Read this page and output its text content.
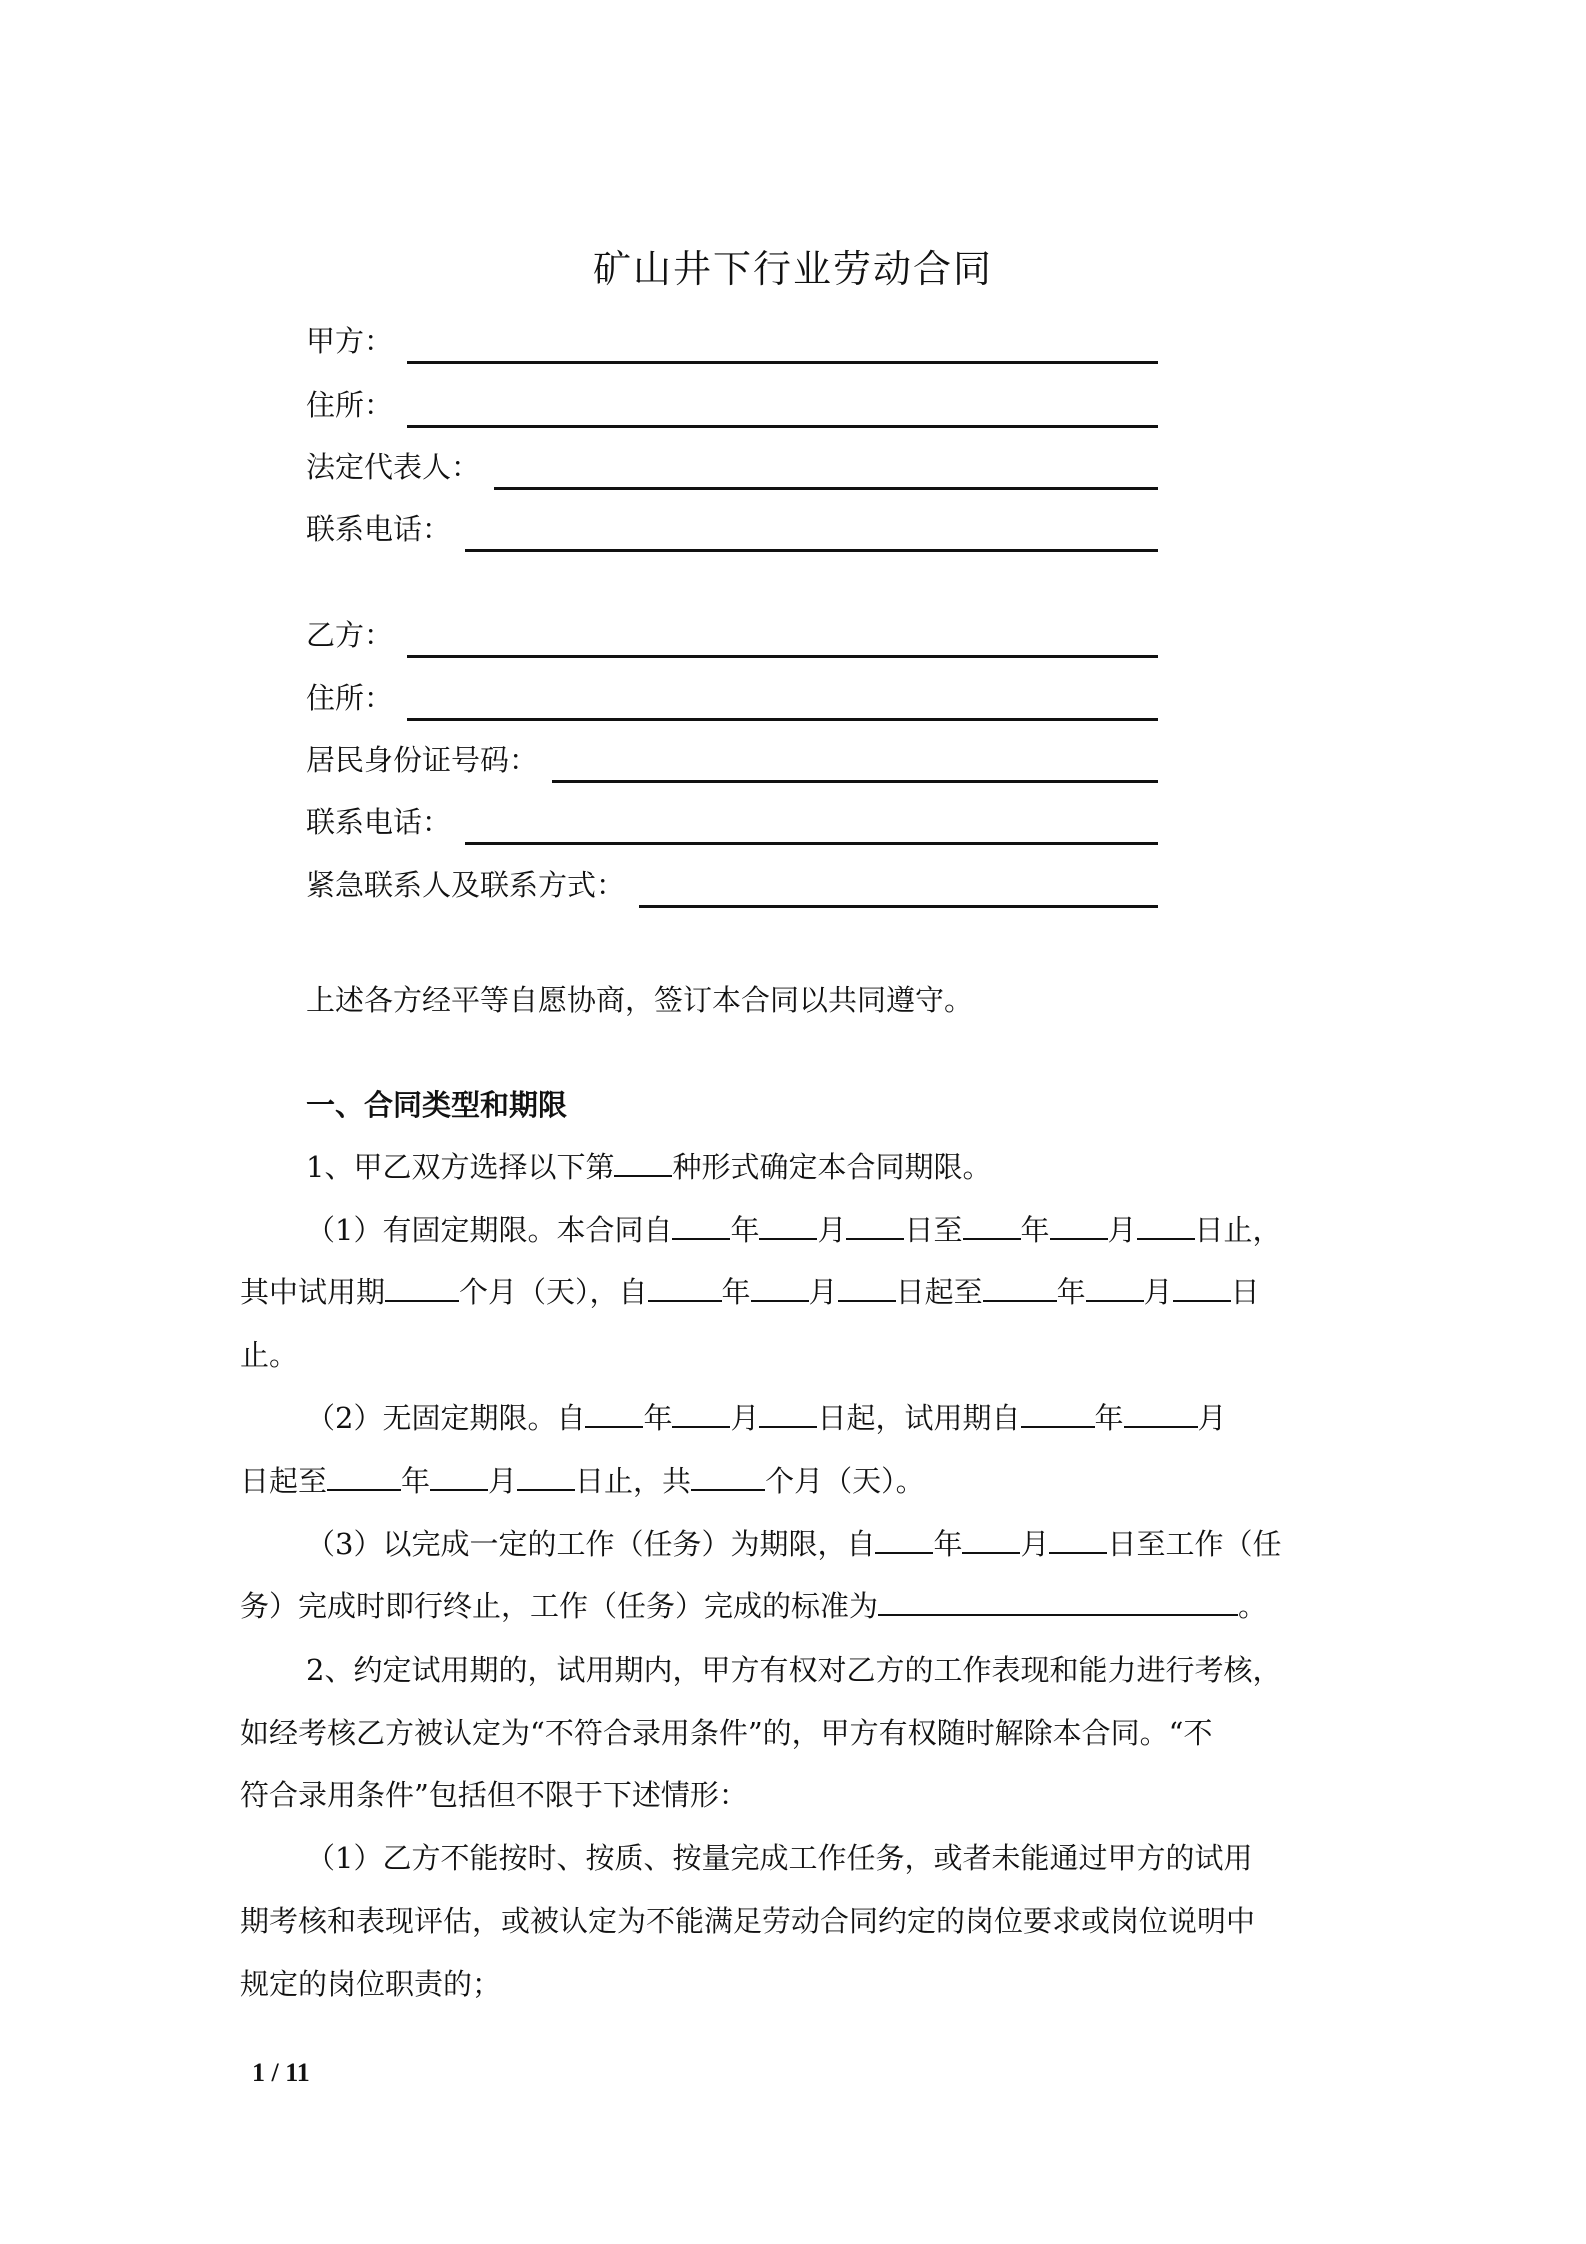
矿山井下行业劳动合同
甲方：
住所：
法定代表人：
联系电话：
乙方：
住所：
居民身份证号码：
联系电话：
紧急联系人及联系方式：
上述各方经平等自愿协商，签订本合同以共同遵守。
一、合同类型和期限
1、甲乙双方选择以下第 种形式确定本合同期限。
（1）有固定期限。本合同自 年 月 日至 年 月 日止，
其中试用期	个月（天），自	年 月 日起至	年 月 日
止。
（2）无固定期限。自 年 月 日起，试用期自	年	月
日起至	年 月 日止，共	个月（天）。
（3）以完成一定的工作（任务）为期限，自 年 月 日至工作（任
务）完成时即行终止，工作（任务）完成的标准为	。
2、约定试用期的，试用期内，甲方有权对乙方的工作表现和能力进行考核，
如经考核乙方被认定为“不符合录用条件”的，甲方有权随时解除本合同。“不
符合录用条件”包括但不限于下述情形：
（1）乙方不能按时、按质、按量完成工作任务，或者未能通过甲方的试用
期考核和表现评估，或被认定为不能满足劳动合同约定的岗位要求或岗位说明中
规定的岗位职责的；
1 / 11
